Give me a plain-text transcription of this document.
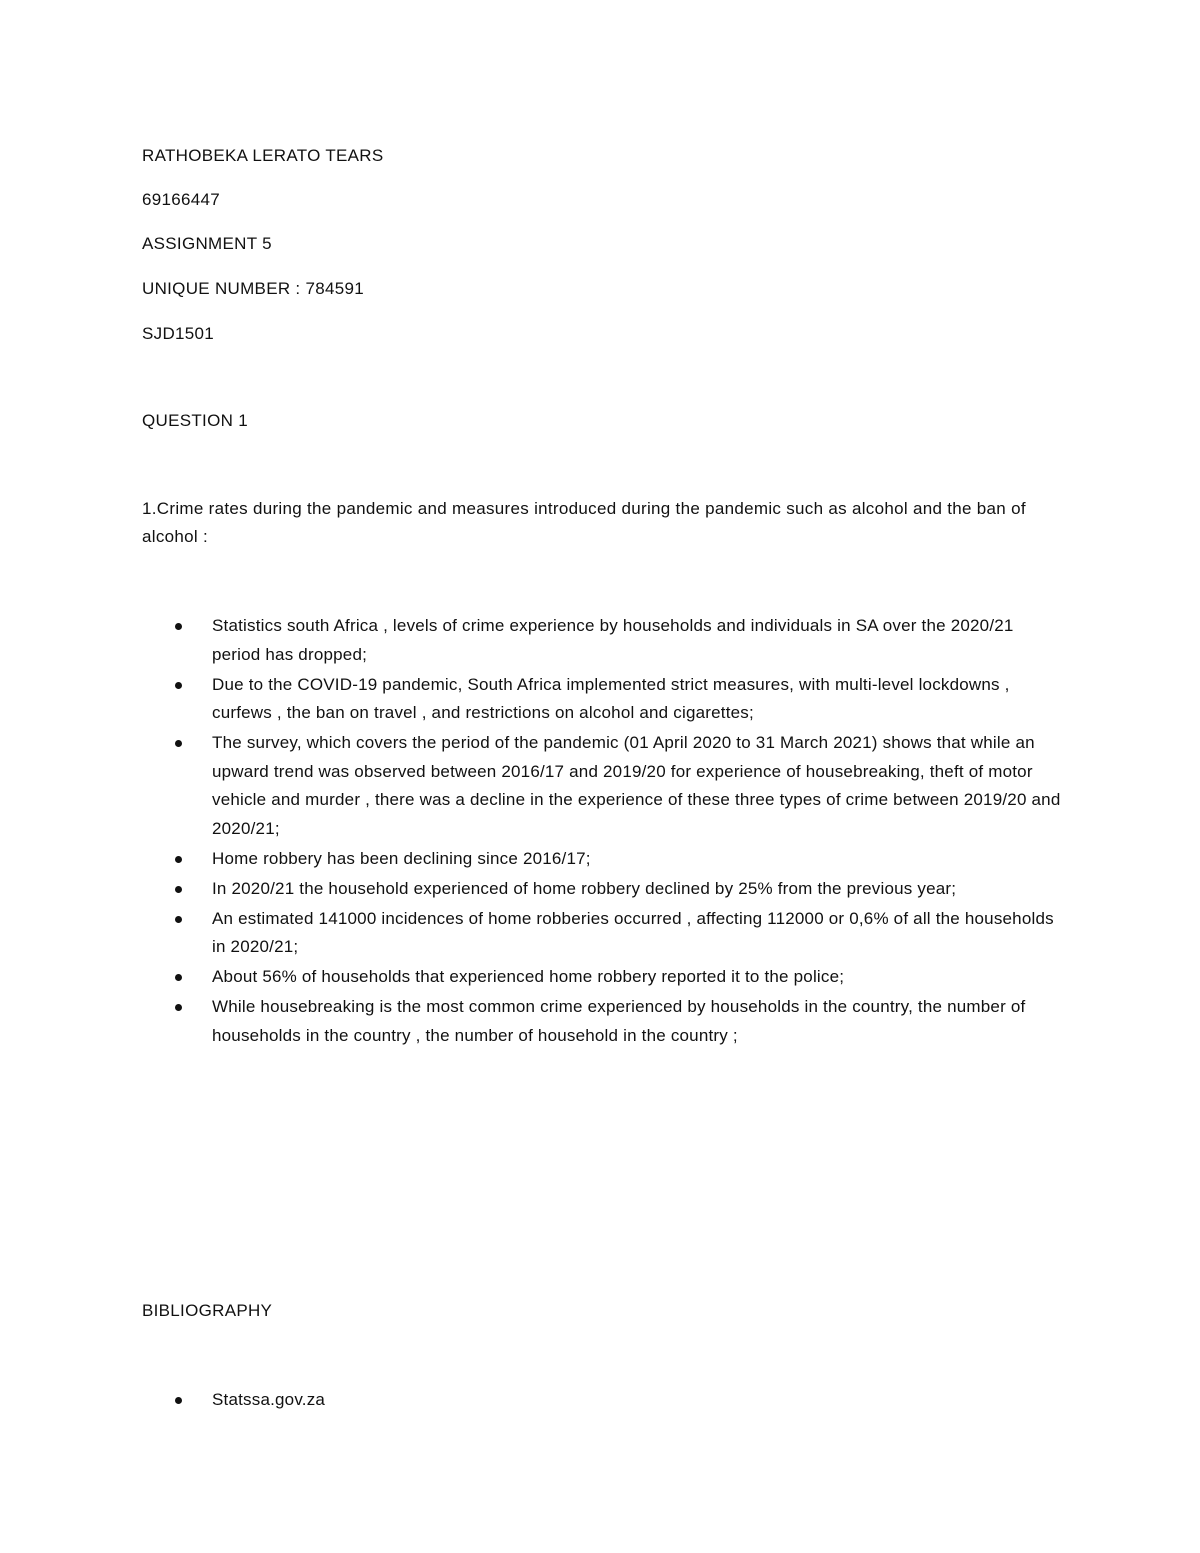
RATHOBEKA LERATO TEARS
69166447
ASSIGNMENT 5
UNIQUE NUMBER : 784591
SJD1501
QUESTION 1
1.Crime rates during the pandemic and measures introduced during the pandemic such as alcohol and the ban of alcohol :
Statistics south Africa , levels of crime experience by households and individuals in SA over the 2020/21 period has dropped;
Due to the COVID-19 pandemic, South Africa implemented strict measures, with multi-level lockdowns , curfews , the ban on travel , and restrictions on alcohol and cigarettes;
The survey, which covers the period of the pandemic (01 April 2020 to 31 March 2021) shows that while an upward trend was observed between 2016/17 and 2019/20 for experience of housebreaking, theft of motor vehicle and murder , there was a decline in the experience of these three types of crime between 2019/20 and 2020/21;
Home robbery has been declining since 2016/17;
In 2020/21 the household experienced of home robbery declined by 25% from the previous year;
An estimated 141000 incidences of home robberies occurred , affecting 112000 or 0,6% of all the households in 2020/21;
About 56% of households that experienced home robbery reported it to the police;
While housebreaking is the most common crime experienced by households in the country, the number of households in the country , the number of household in the country ;
BIBLIOGRAPHY
Statssa.gov.za
